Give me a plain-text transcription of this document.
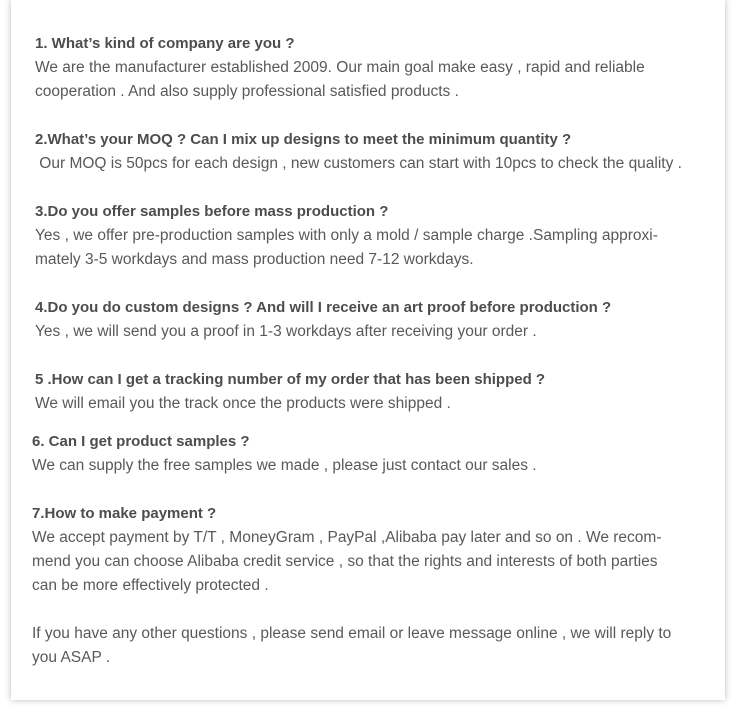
1. What’s kind of company are you ?
We are the manufacturer established 2009. Our main goal make easy , rapid and reliable
cooperation . And also supply professional satisfied products .
2.What’s your MOQ ? Can I mix up designs to meet the minimum quantity ?
Our MOQ is 50pcs for each design , new customers can start with 10pcs to check the quality .
3.Do you offer samples before mass production ?
Yes , we offer pre-production samples with only a mold / sample charge .Sampling approxi-
mately 3-5 workdays and mass production need 7-12 workdays.
4.Do you do custom designs ? And will I receive an art proof before production ?
Yes , we will send you a proof in 1-3 workdays after receiving your order .
5 .How can I get a tracking number of my order that has been shipped ?
We will email you the track once the products were shipped .
6. Can I get product samples ?
We can supply the free samples we made , please just contact our sales .
7.How to make payment ?
We accept payment by T/T , MoneyGram , PayPal ,Alibaba pay later and so on . We recom-
mend you can choose Alibaba credit service , so that the rights and interests of both parties
can be more effectively protected .
If you have any other questions , please send email or leave message online , we will reply to
you ASAP .
